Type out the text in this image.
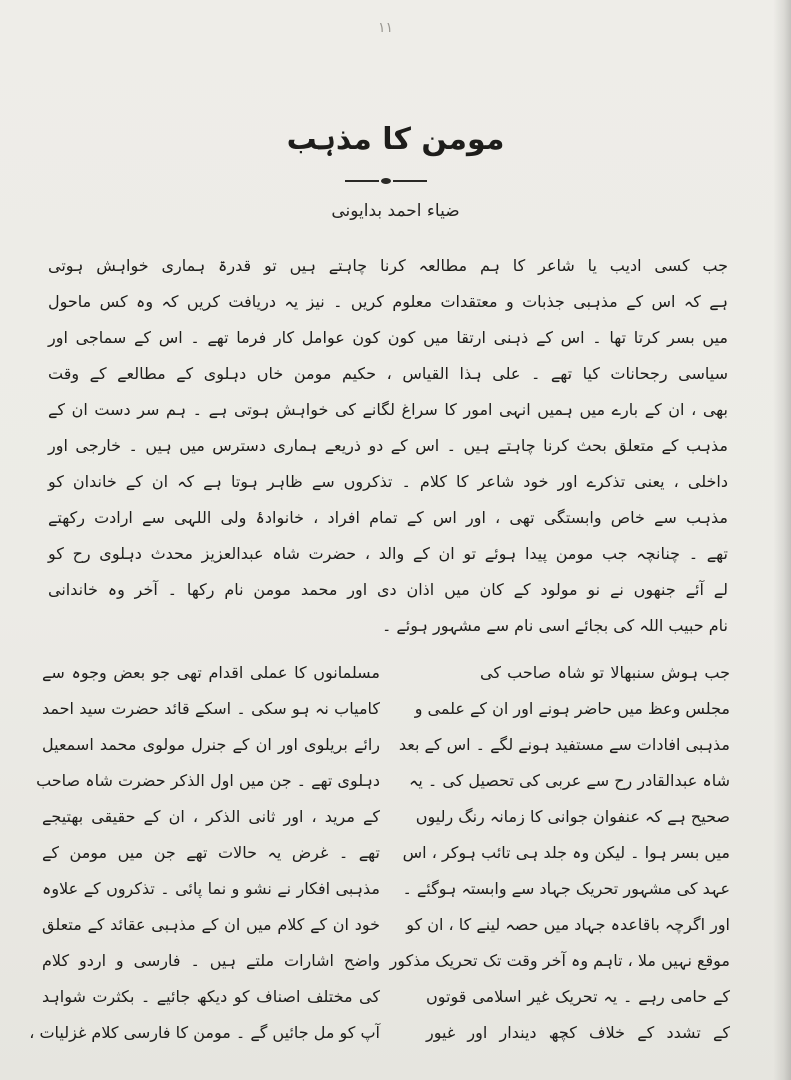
١١
مومن کا مذہب
ضیاء احمد بدایونی
جب کسی ادیب یا شاعر کا ہم مطالعہ کرنا چاہتے ہیں تو قدرۃ ہماری خواہش ہوتی
ہے کہ اس کے مذہبی جذبات و معتقدات معلوم کریں ۔ نیز یہ دریافت کریں کہ وہ کس ماحول
میں بسر کرتا تھا ۔ اس کے ذہنی ارتقا میں کون کون عوامل کار فرما تھے ۔ اس کے سماجی اور
سیاسی رجحانات کیا تھے ۔ علی ہذا القیاس ، حکیم مومن خاں دہلوی کے مطالعے کے وقت
بھی ، ان کے بارے میں ہمیں انہی امور کا سراغ لگانے کی خواہش ہوتی ہے ۔ ہم سر دست ان کے
مذہب کے متعلق بحث کرنا چاہتے ہیں ۔ اس کے دو ذریعے ہماری دسترس میں ہیں ۔ خارجی اور
داخلی ، یعنی تذکرے اور خود شاعر کا کلام ۔ تذکروں سے ظاہر ہوتا ہے کہ ان کے خاندان کو
مذہب سے خاص وابستگی تھی ، اور اس کے تمام افراد ، خانوادۂ ولی اللہی سے ارادت رکھتے
تھے ۔ چنانچہ جب مومن پیدا ہوئے تو ان کے والد ، حضرت شاہ عبدالعزیز محدث دہلوی رح کو
لے آئے جنھوں نے نو مولود کے کان میں اذان دی اور محمد مومن نام رکھا ۔ آخر وہ خاندانی
نام حبیب اللہ کی بجائے اسی نام سے مشہور ہوئے ۔
جب ہوش سنبھالا تو شاہ صاحب کی
مجلس وعظ میں حاضر ہونے اور ان کے علمی و
مذہبی افادات سے مستفید ہونے لگے ۔ اس کے بعد
شاہ عبدالقادر رح سے عربی کی تحصیل کی ۔ یہ
صحیح ہے کہ عنفوان جوانی کا زمانہ رنگ رلیوں
میں بسر ہوا ۔ لیکن وہ جلد ہی تائب ہوکر ، اس
عہد کی مشہور تحریک جہاد سے وابستہ ہوگئے ۔
اور اگرچہ باقاعدہ جہاد میں حصہ لینے کا ، ان کو
موقع نہیں ملا ، تاہم وہ آخر وقت تک تحریک مذکور
کے حامی رہے ۔ یہ تحریک غیر اسلامی قوتوں
کے تشدد کے خلاف کچھ دیندار اور غیور
مسلمانوں کا عملی اقدام تھی جو بعض وجوہ سے
کامیاب نہ ہو سکی ۔ اسکے قائد حضرت سید احمد
رائے بریلوی اور ان کے جنرل مولوی محمد اسمعیل
دہلوی تھے ۔ جن میں اول الذکر حضرت شاہ صاحب
کے مرید ، اور ثانی الذکر ، ان کے حقیقی بھتیجے
تھے ۔ غرض یہ حالات تھے جن میں مومن کے
مذہبی افکار نے نشو و نما پائی ۔ تذکروں کے علاوہ
خود ان کے کلام میں ان کے مذہبی عقائد کے متعلق
واضح اشارات ملتے ہیں ۔ فارسی و اردو کلام
کی مختلف اصناف کو دیکھ جائیے ۔ بکثرت شواہد
آپ کو مل جائیں گے ۔ مومن کا فارسی کلام غزلیات ،
